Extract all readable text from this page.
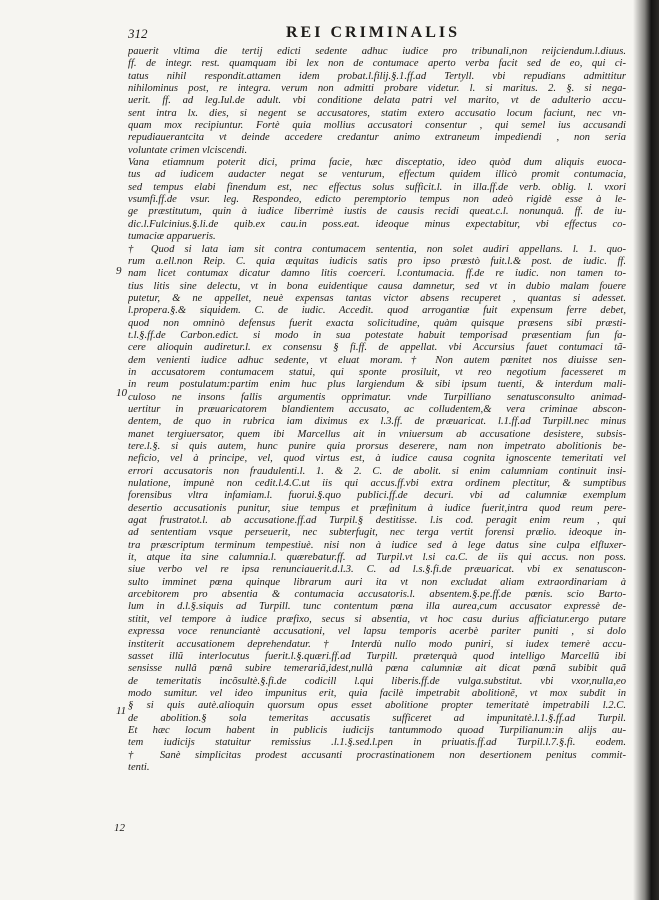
9
10
11
12
312	REI CRIMINALIS
pauerit vltima die tertij edicti sedente adhuc iudice pro tribunali,non reijciendum.l.diuus.
ff. de integr. rest. quamquam ibi lex non de contumace aperto verba facit sed de eo, qui ci-
tatus nihil respondit.attamen idem probat.l.filij.§.1.ff.ad Tertyll. vbi repudians admittitur
nihilominus post, re integra. verum non admitti probare videtur. l. si maritus. 2. §. si nega-
uerit. ff. ad leg.Iul.de adult. vbi conditione delata patri vel marito, vt de adulterio accu-
sent intra lx. dies, si negent se accusatores, statim extero accusatio locum faciunt, nec vn-
quam mox recipiuntur. Fortè quia mollius accusatori consentur , qui semel ius accusandi
repudiauerantcita vt deinde accedere credantur animo extraneum impediendi , non seria
voluntate crimen vlciscendi.
Vana etiamnum poterit dici, prima facie, hæc disceptatio, ideo quòd dum aliquis euoca-
tus ad iudicem audacter negat se venturum, effectum quidem illicò promit contumacia,
sed tempus elabi finendum est, nec effectus solus sufficit.l. in illa.ff.de verb. oblig. l. vxori
vsumfi.ff.de vsur. leg. Respondeo, edicto peremptorio tempus non adeò rigidè esse à le-
ge præstitutum, quin à iudice liberrimè iustis de causis recidi queat.c.l. nonunquâ. ff. de iu-
dic.l.Fulcinius.§.li.de quib.ex cau.in poss.eat. ideoque minus expectabitur, vbi effectus co-
tumaciæ apparueris.
† Quod si lata iam sit contra contumacem sententia, non solet audiri appellans. l. 1. quo-
rum a.ell.non Reip. C. quia æquitas iudicis satis pro ipso præstò fuit.l.& post. de iudic. ff.
nam licet contumax dicatur damno litis coerceri. l.contumacia. ff.de re iudic. non tamen to-
tius litis sine delectu, vt in bona euidentique causa damnetur, sed vt in dubio malam fouere
putetur, & ne appellet, neuè expensas tantas victor absens recuperet , quantas si adesset.
l.propera.§.& siquidem. C. de iudic. Accedit. quod arrogantiæ fuit expensum ferre debet,
quod non omninò defensus fuerit exacta solicitudine, quàm quisque præsens sibi præsti-
t.l.§.ff.de Carbon.edict. si modo in sua potestate habuit temporisad præsentiam fun fa-
cere alioquin audiretur.l. ex consensu § fi.ff. de appellat. vbi Accursius fauet contumaci tã-
dem venienti iudice adhuc sedente, vt eluat moram.† Non autem pœnitet nos diuisse sen-
in accusatorem contumacem statui, qui sponte prosiluit, vt reo negotium facesseret m
in reum postulatum:partim enim huc plus largiendum & sibi ipsum tuenti, & interdum mali-
culoso ne insons fallis argumentis opprimatur. vnde Turpilliano senatusconsulto animad-
uertitur in præuaricatorem blandientem accusato, ac colludentem,& vera criminae abscon-
dentem, de quo in rubrica iam diximus ex l.3.ff. de præuaricat. l.1.ff.ad Turpill.nec minus
manet tergiuersator, quem ibi Marcellus ait in vniuersum ab accusatione desistere, subsis-
tere.l.§. si quis autem, hunc punire quia prorsus deserere, nam non impetrato abolitionis be-
neficio, vel à principe, vel, quod virtus est, à iudice causa cognita ignoscente temeritati vel
errori accusatoris non fraudulenti.l. 1. & 2. C. de abolit. si enim calumniam continuit insi-
nulatione, impunè non cedit.l.4.C.ut iis qui accus.ff.vbi extra ordinem plectitur, & sumptibus
forensibus vltra infamiam.l. fuorui.§.quo publici.ff.de decuri. vbi ad calumniæ exemplum
desertio accusationis punitur, siue tempus et præfinitum à iudice fuerit,intra quod reum pere-
agat frustratot.l. ab accusatione.ff.ad Turpil.§ destitisse. l.is cod. peragit enim reum , qui
ad sententiam vsque perseuerit, nec subterfugit, nec terga vertit forensi prælio. ideoque in-
tra præscriptum terminum tempestiuè. nisi non à iudice sed à lege datus sine culpa elfluxer-
it, atque ita sine calumnia.l. quærebatur.ff. ad Turpil.vt l.si ca.C. de iis qui accus. non poss.
siue verbo vel re ipsa renunciauerit.d.l.3. C. ad l.s.§.fi.de præuaricat. vbi ex senatuscon-
sulto imminet pœna quinque librarum auri ita vt non excludat aliam extraordinariam à
arcebitorem pro absentia & contumacia accusatoris.l. absentem.§.pe.ff.de pœnis. scio Barto-
lum in d.l.§.siquis ad Turpill. tunc contentum pœna illa aurea,cum accusator expressè de-
stitit, vel tempore à iudice præfixo, secus si absentia, vt hoc casu durius afficiatur.ergo putare
expressa voce renunciantè accusationi, vel lapsu temporis acerbè pariter puniti , si dolo
institerit accusationem deprehendatur. † Interdù nullo modo puniri, si iudex temerè accu-
sasset illũ interlocutus fuerit.l.§.quæri.ff.ad Turpill. præterquà quod intelligo Marcellũ ibi
sensisse nullâ pœnâ subire temerariã,idest,nullà pœna calumniæ ait dicat pœnã subibit quã
de temeritatis incõsultè.§.fi.de codicill l.qui liberis.ff.de vulga.substitut. vbi vxor,nulla,eo
modo sumitur. vel ideo impunitus erit, quia facilè impetrabit abolitionẽ, vt mox subdit in
§ si quis autè.alioquin quorsum opus esset abolitione propter temeritatè impetrabili l.2.C.
de abolition.§ sola temeritas accusatis sufficeret ad impunitatè.l.1.§.ff.ad Turpil.
Et hæc locum habent in publicis iudicijs tantummodo quoad Turpilianum:in alijs au-
tem iudicijs statuitur remissius .l.1.§.sed.l.pen in priuatis.ff.ad Turpil.l.7.§.fi. eodem.
† Sanè simplicitas prodest accusanti procrastinationem non desertionem penitus commit-
tenti.
